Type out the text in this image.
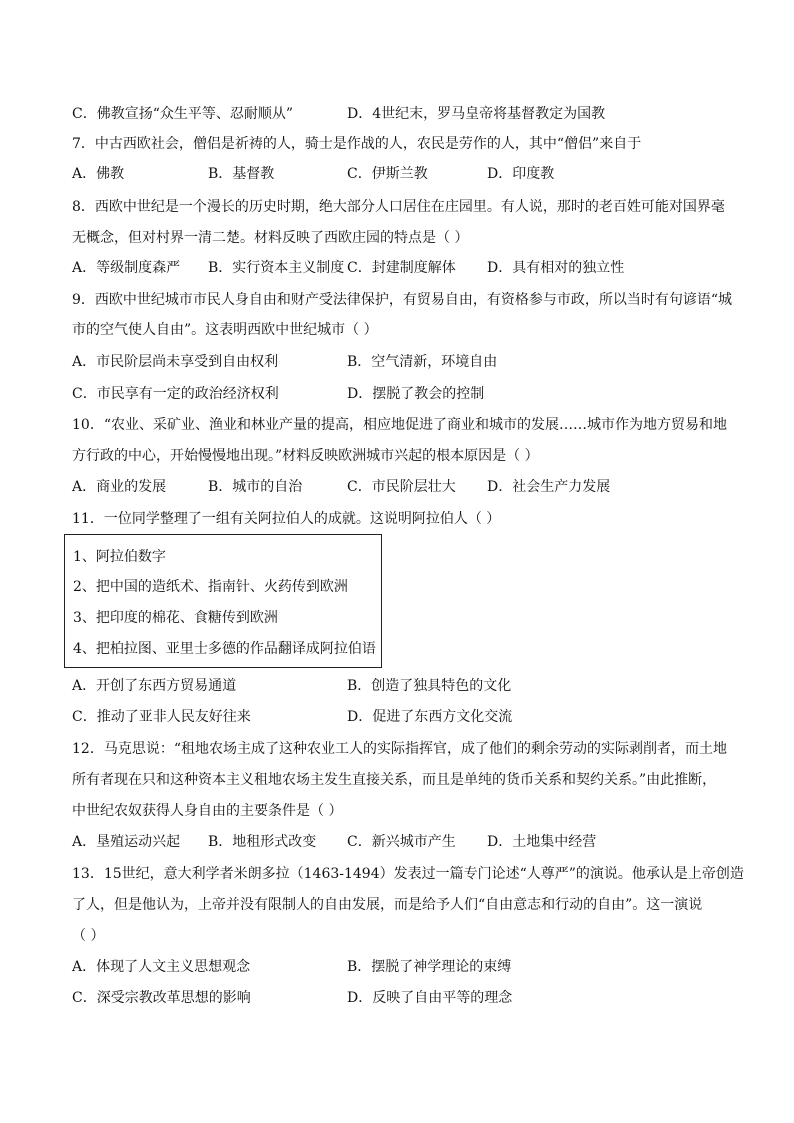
C．佛教宣扬“众生平等、忍耐顺从”	D．4世纪末，罗马皇帝将基督教定为国教
7．中古西欧社会，僧侣是祈祷的人，骑士是作战的人，农民是劳作的人，其中“僧侣”来自于
A．佛教	B．基督教	C．伊斯兰教	D．印度教
8．西欧中世纪是一个漫长的历史时期，绝大部分人口居住在庄园里。有人说，那时的老百姓可能对国界毫
无概念，但对村界一清二楚。材料反映了西欧庄园的特点是（ ）
A．等级制度森严 B．实行资本主义制度 C．封建制度解体 D．具有相对的独立性
9．西欧中世纪城市市民人身自由和财产受法律保护，有贸易自由，有资格参与市政，所以当时有句谚语“城
市的空气使人自由”。这表明西欧中世纪城市（ ）
A．市民阶层尚未享受到自由权利	B．空气清新，环境自由
C．市民享有一定的政治经济权利	D．摆脱了教会的控制
10．“农业、采矿业、渔业和林业产量的提高，相应地促进了商业和城市的发展……城市作为地方贸易和地
方行政的中心，开始慢慢地出现。”材料反映欧洲城市兴起的根本原因是（ ）
A．商业的发展	B．城市的自治	C．市民阶层壮大 D．社会生产力发展
11．一位同学整理了一组有关阿拉伯人的成就。这说明阿拉伯人（ ）
1、阿拉伯数字
2、把中国的造纸术、指南针、火药传到欧洲
3、把印度的棉花、食糖传到欧洲
4、把柏拉图、亚里士多德的作品翻译成阿拉伯语
A．开创了东西方贸易通道	B．创造了独具特色的文化
C．推动了亚非人民友好往来	D．促进了东西方文化交流
12．马克思说：“租地农场主成了这种农业工人的实际指挥官，成了他们的剩余劳动的实际剥削者，而土地
所有者现在只和这种资本主义租地农场主发生直接关系，而且是单纯的货币关系和契约关系。”由此推断，
中世纪农奴获得人身自由的主要条件是（ ）
A．垦殖运动兴起 B．地租形式改变 C．新兴城市产生 D．土地集中经营
13．15世纪，意大利学者米朗多拉（1463-1494）发表过一篇专门论述“人尊严”的演说。他承认是上帝创造
了人，但是他认为，上帝并没有限制人的自由发展，而是给予人们“自由意志和行动的自由”。这一演说
（ ）
A．体现了人文主义思想观念	B．摆脱了神学理论的束缚
C．深受宗教改革思想的影响	D．反映了自由平等的理念
